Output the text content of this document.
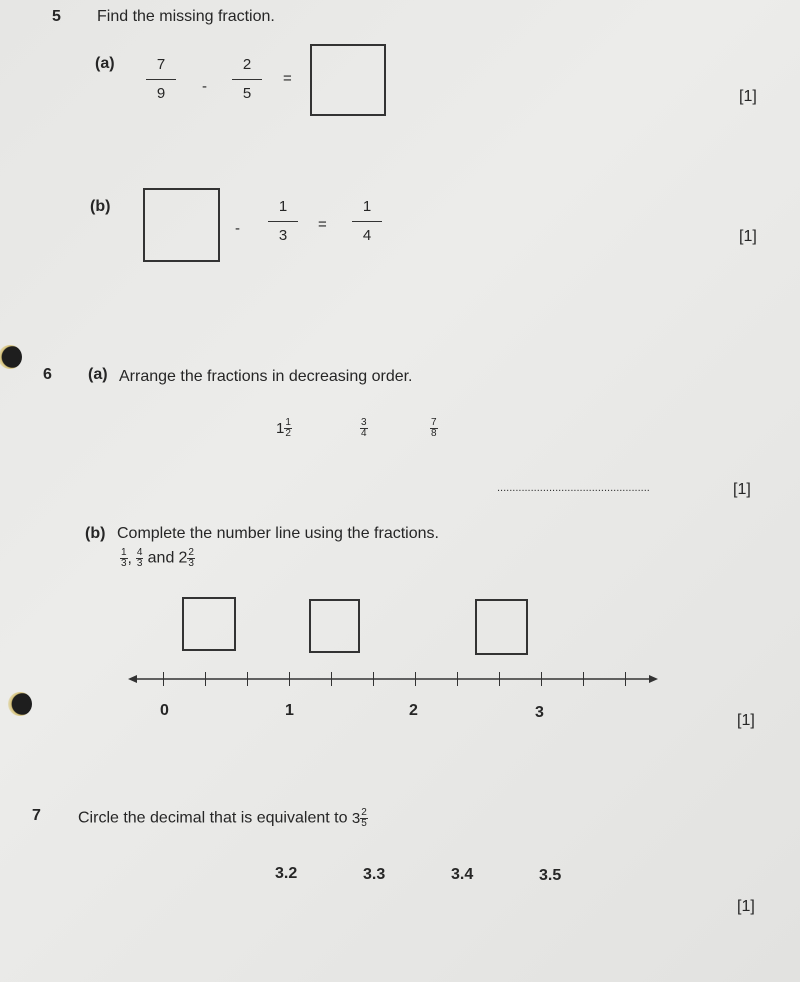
5 Find the missing fraction.
(a)	7
9	-
2
5
=
[1]
(b)
-
1
3
=
1
4	[1]
6 (a) Arrange the fractions in decreasing order.
$1 \frac{1}{2}$	$\frac{3}{4}$	$\frac{7}{8}$
..................................................	[1]
(b) Complete the number line using the fractions.
$\frac{1}{3}$ , $\frac{4}{3}$ and $2 \frac{2}{3}$
0	1	2	3	[1]
7 Circle the decimal that is equivalent to $3 \frac{2}{5}$
3.2	3.3	3.4	3.5
[1]
